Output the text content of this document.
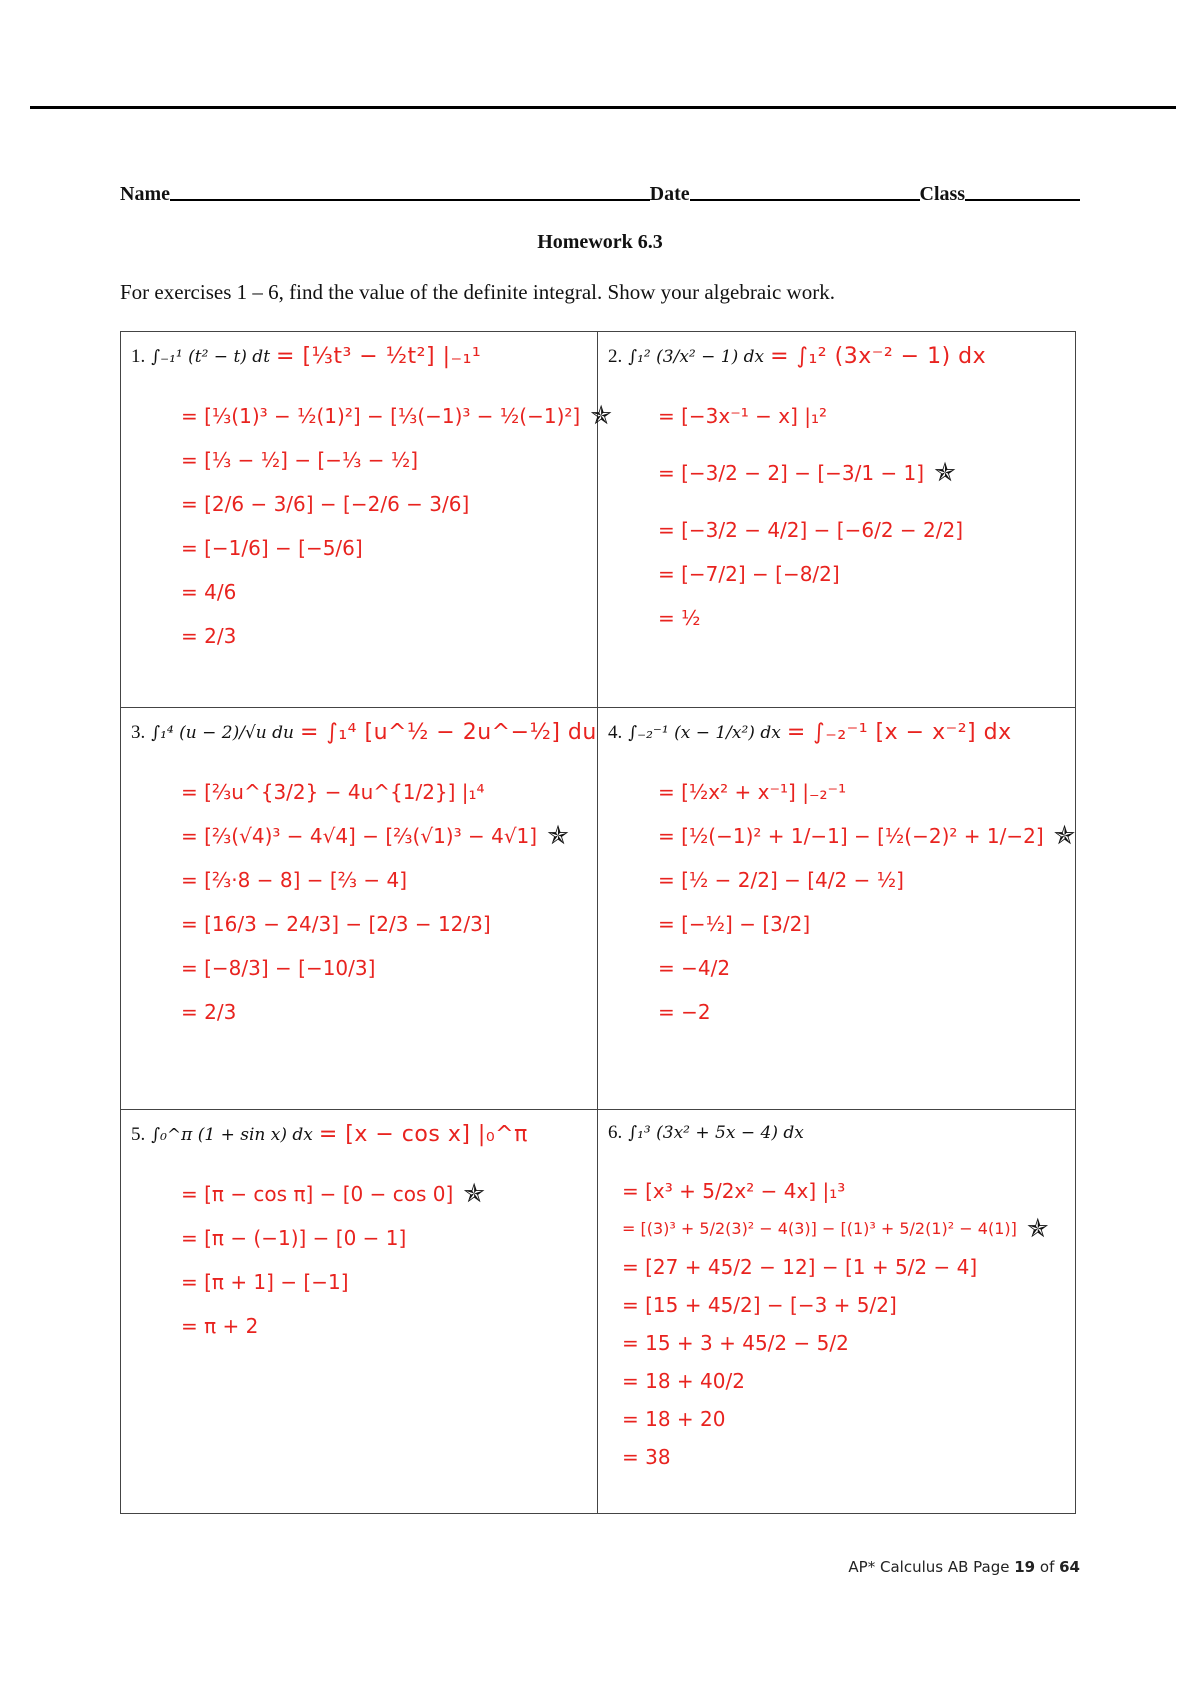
Name	Date	Class
Homework 6.3
For exercises 1 – 6, find the value of the definite integral. Show your algebraic work.
1. ∫₋₁¹ (t² − t) dt = [⅓t³ − ½t²] |₋₁¹
= [⅓(1)³ − ½(1)²] − [⅓(−1)³ − ½(−1)²] ✯
= [⅓ − ½] − [−⅓ − ½]
= [2/6 − 3/6] − [−2/6 − 3/6]
= [−1/6] − [−5/6]
= 4/6
= 2/3
2. ∫₁² (3/x² − 1) dx = ∫₁² (3x⁻² − 1) dx
= [−3x⁻¹ − x] |₁²
= [−3/2 − 2] − [−3/1 − 1] ✯
= [−3/2 − 4/2] − [−6/2 − 2/2]
= [−7/2] − [−8/2]
= ½
3. ∫₁⁴ (u − 2)/√u du = ∫₁⁴ [u^½ − 2u^−½] du
= [⅔u^{3/2} − 4u^{1/2}] |₁⁴
= [⅔(√4)³ − 4√4] − [⅔(√1)³ − 4√1] ✯
= [⅔·8 − 8] − [⅔ − 4]
= [16/3 − 24/3] − [2/3 − 12/3]
= [−8/3] − [−10/3]
= 2/3
4. ∫₋₂⁻¹ (x − 1/x²) dx = ∫₋₂⁻¹ [x − x⁻²] dx
= [½x² + x⁻¹] |₋₂⁻¹
= [½(−1)² + 1/−1] − [½(−2)² + 1/−2] ✯
= [½ − 2/2] − [4/2 − ½]
= [−½] − [3/2]
= −4/2
= −2
5. ∫₀^π (1 + sin x) dx = [x − cos x] |₀^π
= [π − cos π] − [0 − cos 0] ✯
= [π − (−1)] − [0 − 1]
= [π + 1] − [−1]
= π + 2
6. ∫₁³ (3x² + 5x − 4) dx
= [x³ + 5/2x² − 4x] |₁³
= [(3)³ + 5/2(3)² − 4(3)] − [(1)³ + 5/2(1)² − 4(1)] ✯
= [27 + 45/2 − 12] − [1 + 5/2 − 4]
= [15 + 45/2] − [−3 + 5/2]
= 15 + 3 + 45/2 − 5/2
= 18 + 40/2
= 18 + 20
= 38
AP* Calculus AB Page 19 of 64
